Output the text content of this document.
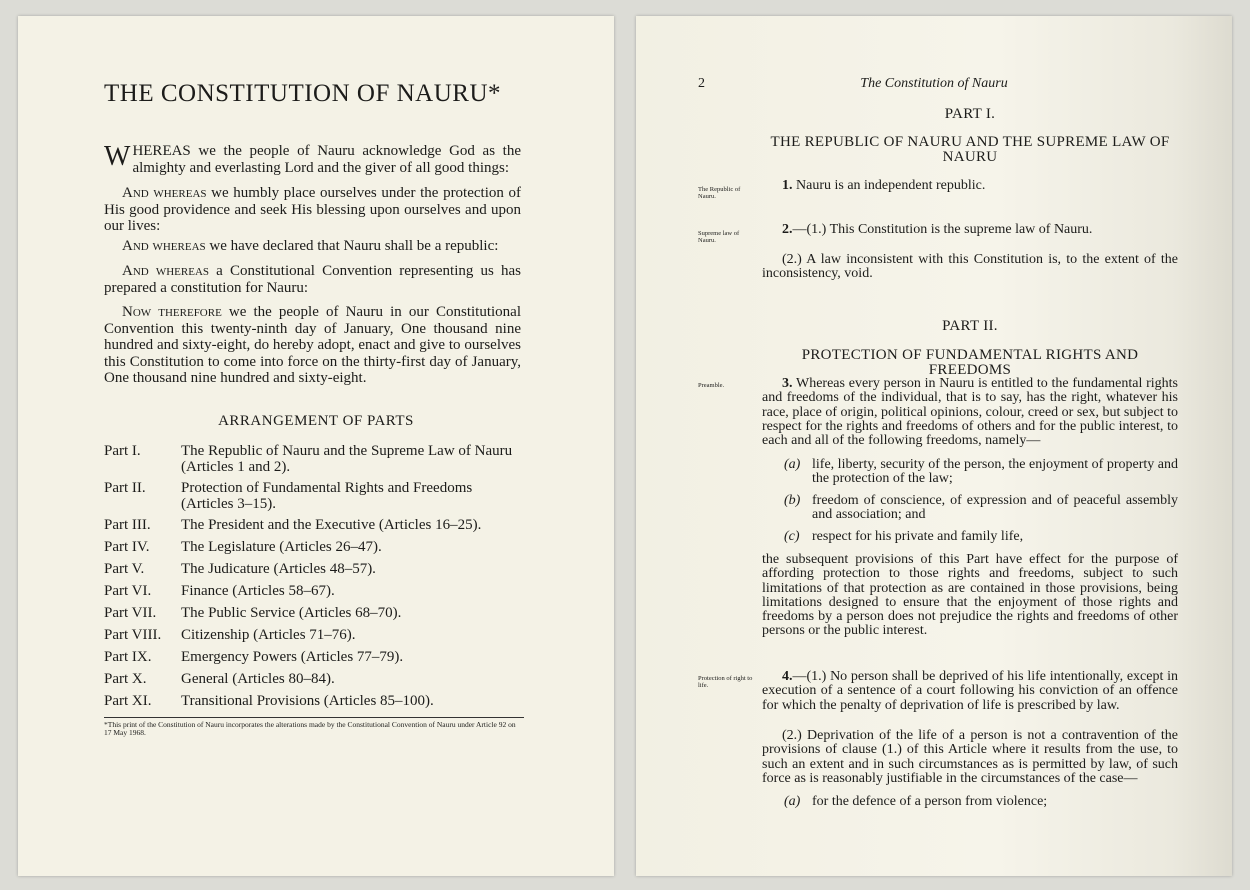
THE CONSTITUTION OF NAURU*

WHEREAS we the people of Nauru acknowledge God as the almighty and everlasting Lord and the giver of all good things:

And whereas we humbly place ourselves under the protection of His good providence and seek His blessing upon ourselves and upon our lives:

And whereas we have declared that Nauru shall be a republic:

And whereas a Constitutional Convention representing us has prepared a constitution for Nauru:

Now therefore we the people of Nauru in our Constitutional Convention this twenty-ninth day of January, One thousand nine hundred and sixty-eight, do hereby adopt, enact and give to ourselves this Constitution to come into force on the thirty-first day of January, One thousand nine hundred and sixty-eight.

ARRANGEMENT OF PARTS
Part I.	The Republic of Nauru and the Supreme Law of Nauru (Articles 1 and 2).
Part II. Protection of Fundamental Rights and Freedoms (Articles 3–15).
Part III. The President and the Executive (Articles 16–25).
Part IV. The Legislature (Articles 26–47).
Part V. The Judicature (Articles 48–57).
Part VI. Finance (Articles 58–67).
Part VII. The Public Service (Articles 68–70).
Part VIII. Citizenship (Articles 71–76).
Part IX. Emergency Powers (Articles 77–79).
Part X. General (Articles 80–84).
Part XI. Transitional Provisions (Articles 85–100).
*This print of the Constitution of Nauru incorporates the alterations made by the Constitutional Convention of Nauru under Article 92 on 17 May 1968.
2	The Constitution of Nauru
PART I.
THE REPUBLIC OF NAURU AND THE SUPREME LAW OF NAURU
The Republic of Nauru.

1. Nauru is an independent republic.

Supreme law of Nauru.

2.—(1.) This Constitution is the supreme law of Nauru.

(2.) A law inconsistent with this Constitution is, to the extent of the inconsistency, void.

PART II.
PROTECTION OF FUNDAMENTAL RIGHTS AND FREEDOMS
Preamble.	3. Whereas every person in Nauru is entitled to the fundamental rights and freedoms of the individual, that is to say, has the right, whatever his race, place of origin, political opinions, colour, creed or sex, but subject to respect for the rights and freedoms of others and for the public interest, to each and all of the following freedoms, namely—

(a) life, liberty, security of the person, the enjoyment of property and the protection of the law;
(b) freedom of conscience, of expression and of peaceful assembly and association; and
(c) respect for his private and family life,

the subsequent provisions of this Part have effect for the purpose of affording protection to those rights and freedoms, subject to such limitations of that protection as are contained in those provisions, being limitations designed to ensure that the enjoyment of those rights and freedoms by a person does not prejudice the rights and freedoms of other persons or the public interest.

Protection of right to life.

4.—(1.) No person shall be deprived of his life intentionally, except in execution of a sentence of a court following his conviction of an offence for which the penalty of deprivation of life is prescribed by law.

(2.) Deprivation of the life of a person is not a contravention of the provisions of clause (1.) of this Article where it results from the use, to such an extent and in such circumstances as is permitted by law, of such force as is reasonably justifiable in the circumstances of the case—

(a) for the defence of a person from violence;
